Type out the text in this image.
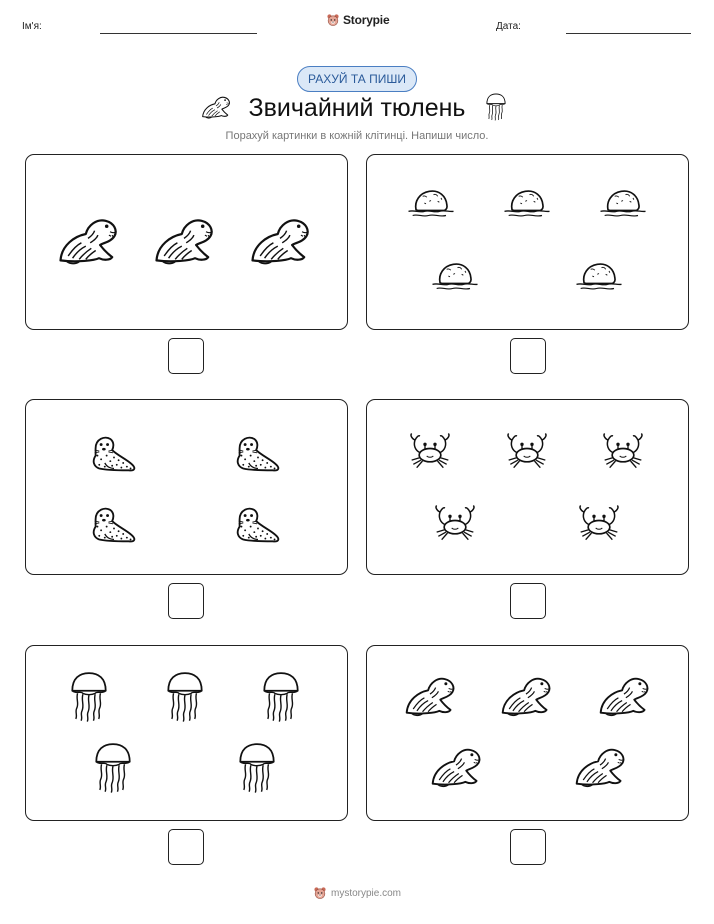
Ім'я:	Storypie	Дата:
РАХУЙ ТА ПИШИ
Звичайний тюлень
Порахуй картинки в кожній клітинці. Напиши число.
mystorypie.com
